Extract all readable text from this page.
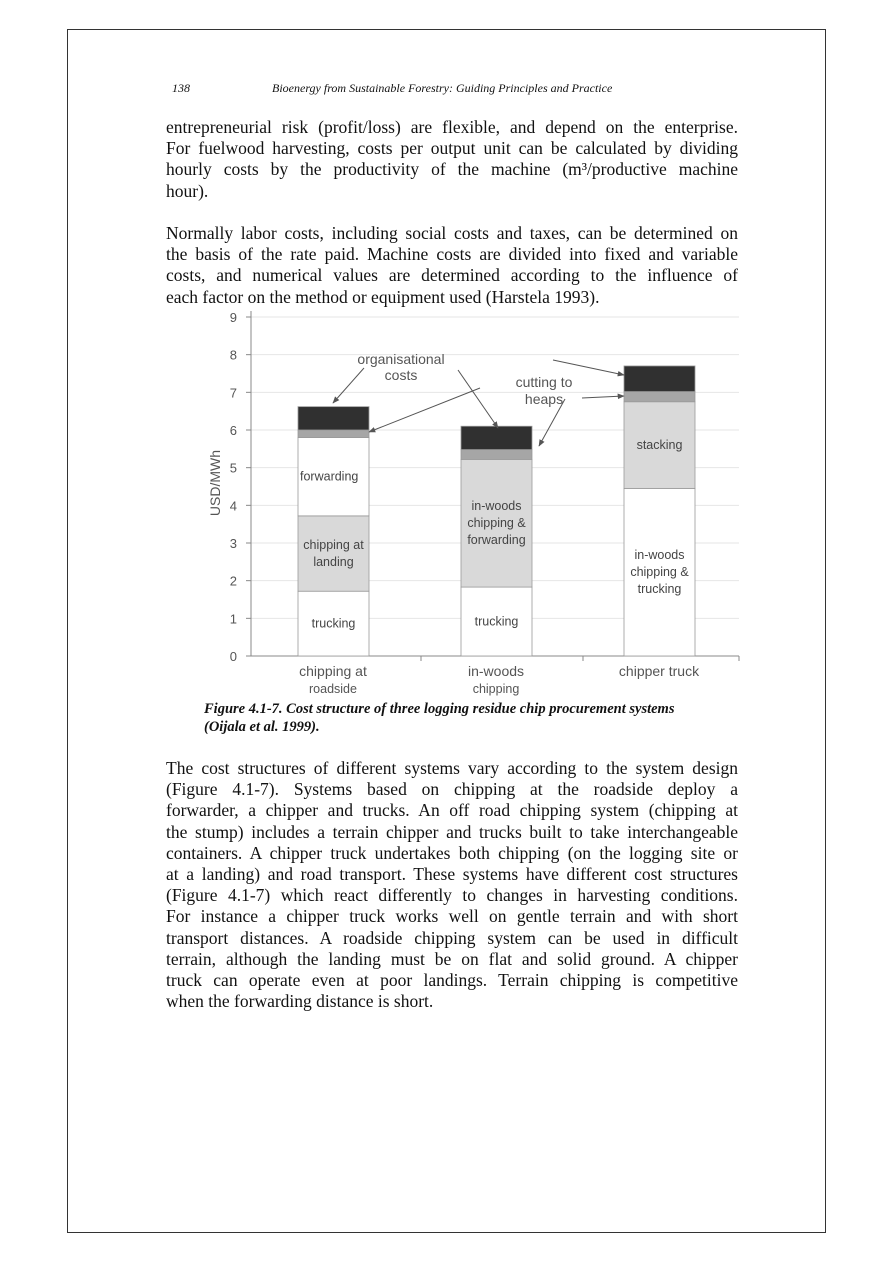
138	Bioenergy from Sustainable Forestry: Guiding Principles and Practice

entrepreneurial risk (profit/loss) are flexible, and depend on the enterprise.
For fuelwood harvesting, costs per output unit can be calculated by dividing
hourly costs by the productivity of the machine (m³/productive machine
hour).

Normally labor costs, including social costs and taxes, can be determined on
the basis of the rate paid. Machine costs are divided into fixed and variable
costs, and numerical values are determined according to the influence of
each factor on the method or equipment used (Harstela 1993).

0
1
2
3
4
5
6
7
8
9
USD/MWh
trucking
chipping at
landing
forwarding
trucking
in-woods
chipping &
forwarding
in-woods
chipping &
trucking
stacking
chipping at
roadside
in-woods
chipping
chipper truck
organisational
costs	cutting to
heaps

Figure 4.1-7. Cost structure of three logging residue chip procurement systems
(Oijala et al. 1999).

The cost structures of different systems vary according to the system design
(Figure 4.1-7). Systems based on chipping at the roadside deploy a
forwarder, a chipper and trucks. An off road chipping system (chipping at
the stump) includes a terrain chipper and trucks built to take interchangeable
containers. A chipper truck undertakes both chipping (on the logging site or
at a landing) and road transport. These systems have different cost structures
(Figure 4.1-7) which react differently to changes in harvesting conditions.
For instance a chipper truck works well on gentle terrain and with short
transport distances. A roadside chipping system can be used in difficult
terrain, although the landing must be on flat and solid ground. A chipper
truck can operate even at poor landings. Terrain chipping is competitive
when the forwarding distance is short.
